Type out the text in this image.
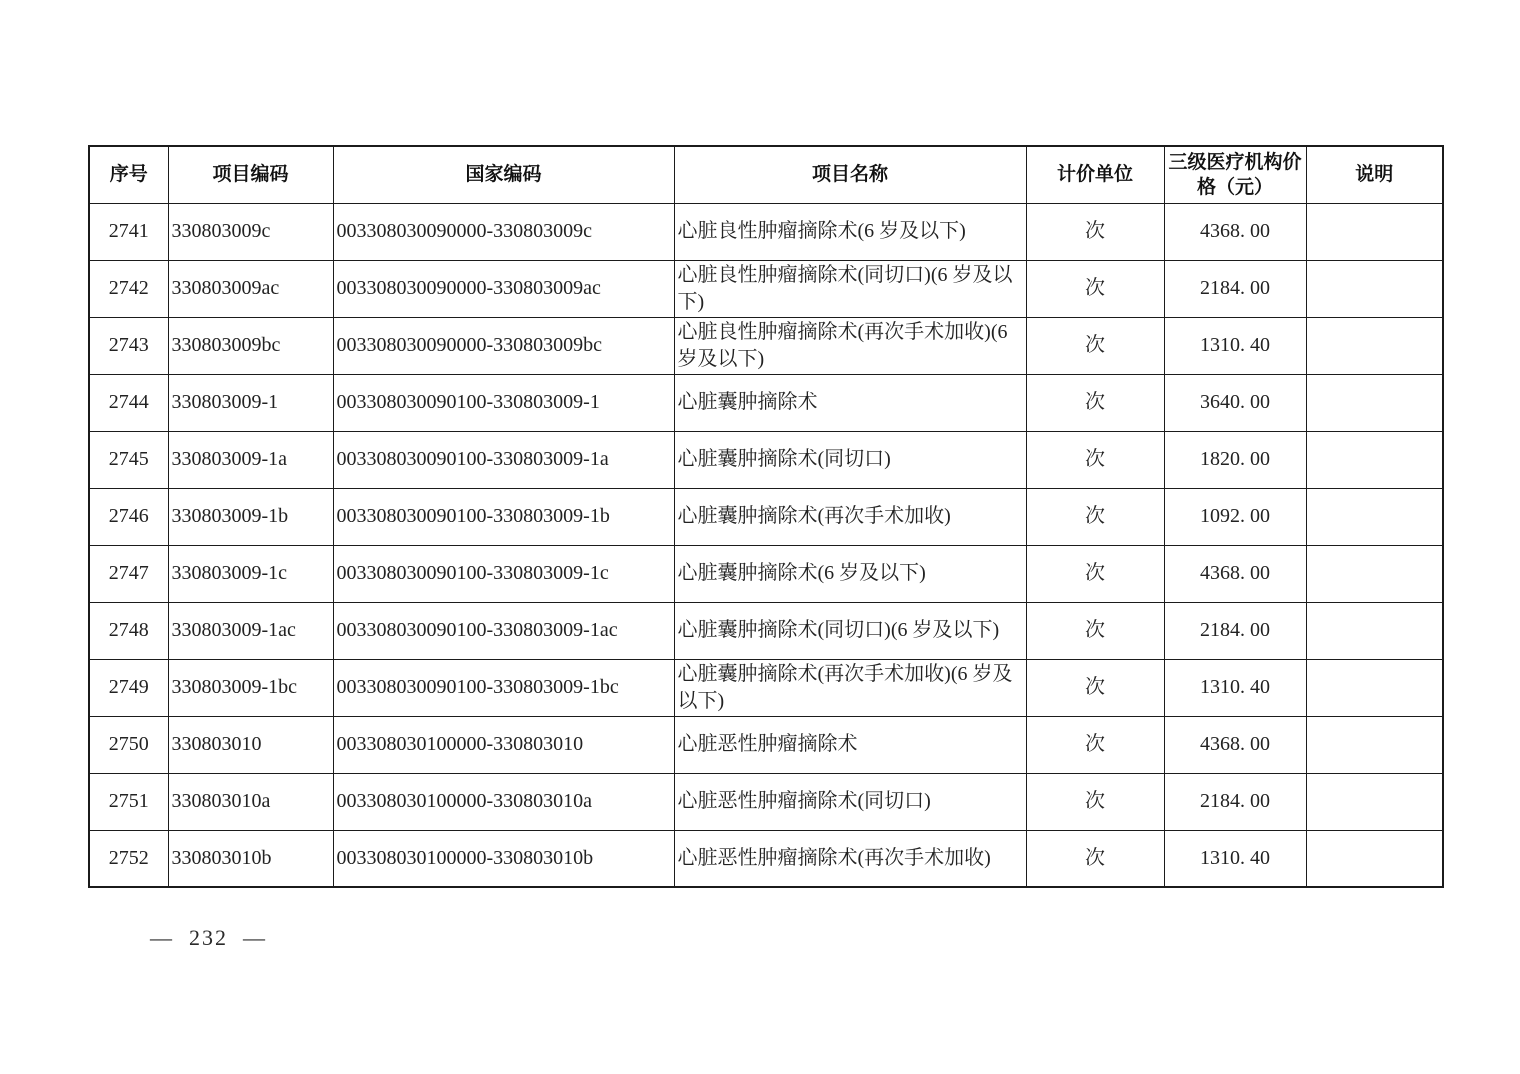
序号	项目编码	国家编码	项目名称	计价单位	三级医疗机构价格（元）	说明
2741	330803009c	003308030090000-330803009c	心脏良性肿瘤摘除术(6 岁及以下)	次	4368. 00	
2742	330803009ac	003308030090000-330803009ac	心脏良性肿瘤摘除术(同切口)(6 岁及以下)	次	2184. 00	
2743	330803009bc	003308030090000-330803009bc	心脏良性肿瘤摘除术(再次手术加收)(6 岁及以下)	次	1310. 40	
2744	330803009-1	003308030090100-330803009-1	心脏囊肿摘除术	次	3640. 00	
2745	330803009-1a	003308030090100-330803009-1a	心脏囊肿摘除术(同切口)	次	1820. 00	
2746	330803009-1b	003308030090100-330803009-1b	心脏囊肿摘除术(再次手术加收)	次	1092. 00	
2747	330803009-1c	003308030090100-330803009-1c	心脏囊肿摘除术(6 岁及以下)	次	4368. 00	
2748	330803009-1ac	003308030090100-330803009-1ac	心脏囊肿摘除术(同切口)(6 岁及以下)	次	2184. 00	
2749	330803009-1bc	003308030090100-330803009-1bc	心脏囊肿摘除术(再次手术加收)(6 岁及以下)	次	1310. 40	
2750	330803010	003308030100000-330803010	心脏恶性肿瘤摘除术	次	4368. 00	
2751	330803010a	003308030100000-330803010a	心脏恶性肿瘤摘除术(同切口)	次	2184. 00	
2752	330803010b	003308030100000-330803010b	心脏恶性肿瘤摘除术(再次手术加收)	次	1310. 40	
—  232  —
